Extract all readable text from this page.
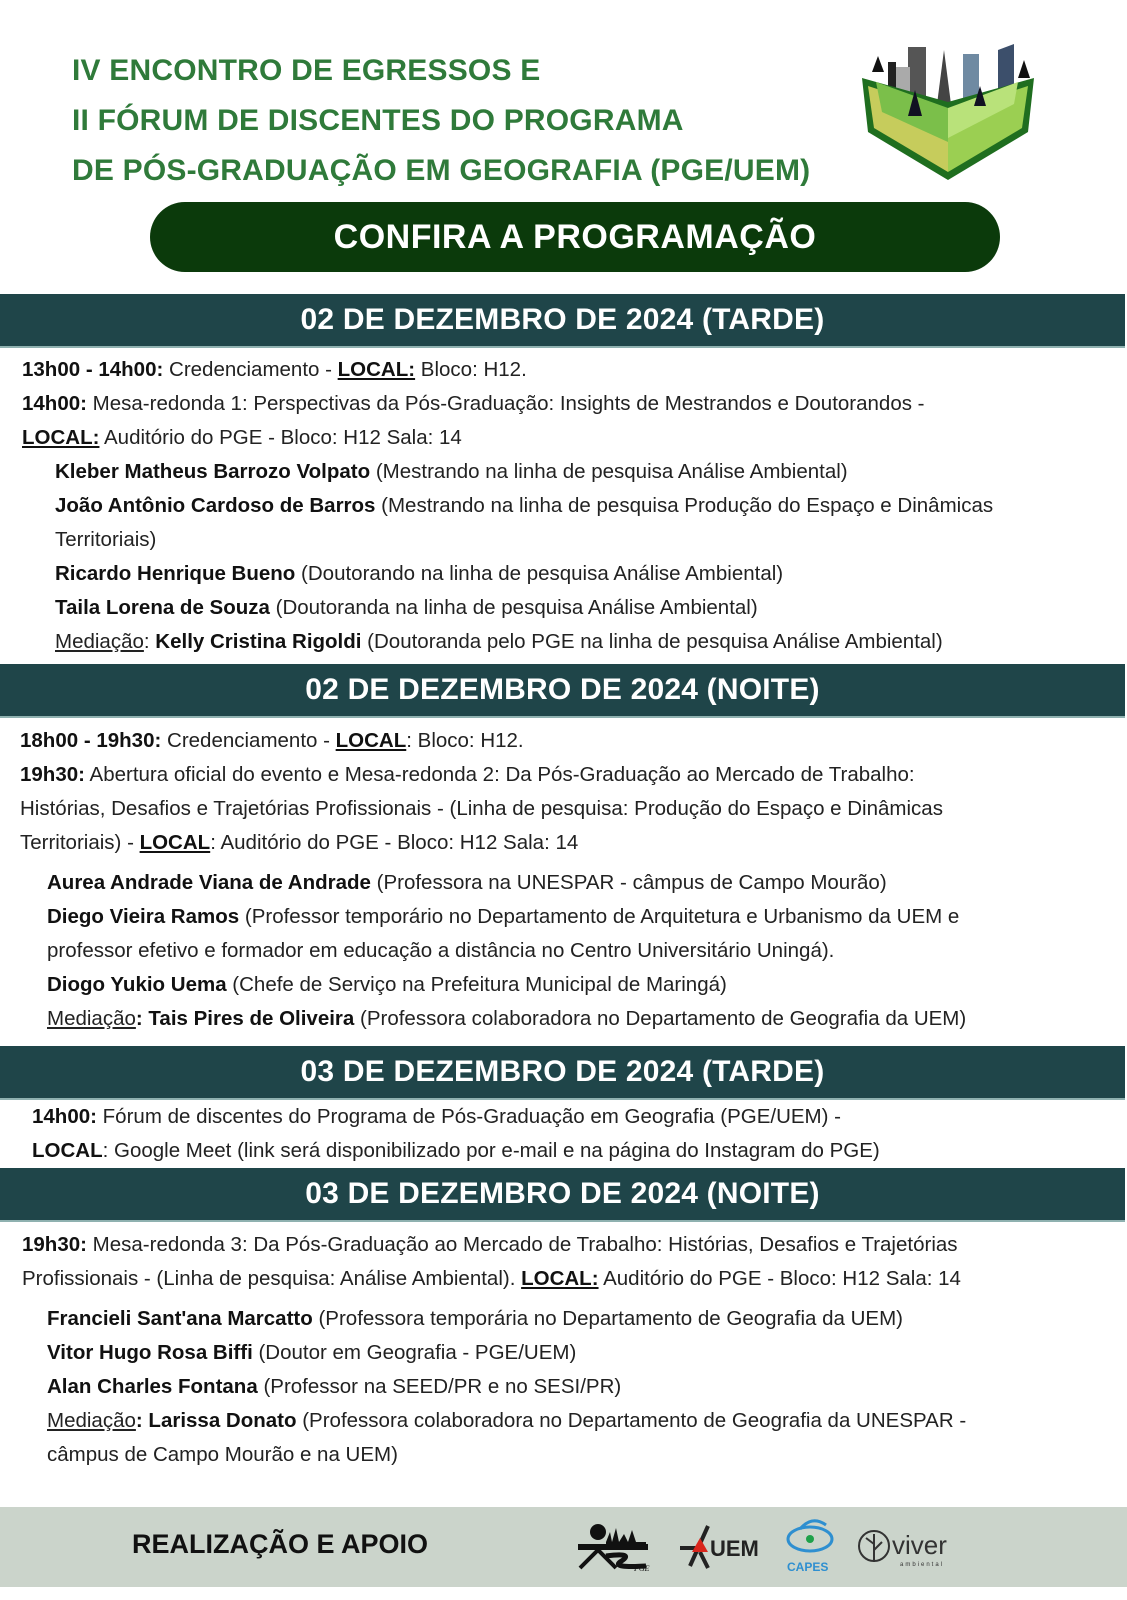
IV ENCONTRO DE EGRESSOS E
II FÓRUM DE DISCENTES DO PROGRAMA
DE PÓS-GRADUAÇÃO EM GEOGRAFIA (PGE/UEM)
CONFIRA A PROGRAMAÇÃO
02 DE DEZEMBRO DE 2024 (TARDE)
13h00 - 14h00: Credenciamento - LOCAL: Bloco: H12.
14h00: Mesa-redonda 1: Perspectivas da Pós-Graduação: Insights de Mestrandos e Doutorandos -
LOCAL: Auditório do PGE - Bloco: H12 Sala: 14
Kleber Matheus Barrozo Volpato (Mestrando na linha de pesquisa Análise Ambiental)
João Antônio Cardoso de Barros (Mestrando na linha de pesquisa Produção do Espaço e Dinâmicas
Territoriais)
Ricardo Henrique Bueno (Doutorando na linha de pesquisa Análise Ambiental)
Taila Lorena de Souza (Doutoranda na linha de pesquisa Análise Ambiental)
Mediação: Kelly Cristina Rigoldi (Doutoranda pelo PGE na linha de pesquisa Análise Ambiental)
02 DE DEZEMBRO DE 2024 (NOITE)
18h00 - 19h30: Credenciamento - LOCAL: Bloco: H12.
19h30: Abertura oficial do evento e Mesa-redonda 2: Da Pós-Graduação ao Mercado de Trabalho:
Histórias, Desafios e Trajetórias Profissionais - (Linha de pesquisa: Produção do Espaço e Dinâmicas
Territoriais) - LOCAL: Auditório do PGE - Bloco: H12 Sala: 14
Aurea Andrade Viana de Andrade (Professora na UNESPAR - câmpus de Campo Mourão)
Diego Vieira Ramos (Professor temporário no Departamento de Arquitetura e Urbanismo da UEM e
professor efetivo e formador em educação a distância no Centro Universitário Uningá).
Diogo Yukio Uema (Chefe de Serviço na Prefeitura Municipal de Maringá)
Mediação: Tais Pires de Oliveira (Professora colaboradora no Departamento de Geografia da UEM)
03 DE DEZEMBRO DE 2024 (TARDE)
14h00: Fórum de discentes do Programa de Pós-Graduação em Geografia (PGE/UEM) -
LOCAL: Google Meet (link será disponibilizado por e-mail e na página do Instagram do PGE)
03 DE DEZEMBRO DE 2024 (NOITE)
19h30: Mesa-redonda 3: Da Pós-Graduação ao Mercado de Trabalho: Histórias, Desafios e Trajetórias
Profissionais - (Linha de pesquisa: Análise Ambiental). LOCAL: Auditório do PGE - Bloco: H12 Sala: 14
Francieli Sant'ana Marcatto (Professora temporária no Departamento de Geografia da UEM)
Vitor Hugo Rosa Biffi (Doutor em Geografia - PGE/UEM)
Alan Charles Fontana (Professor na SEED/PR e no SESI/PR)
Mediação: Larissa Donato (Professora colaboradora no Departamento de Geografia da UNESPAR -
câmpus de Campo Mourão e na UEM)
REALIZAÇÃO E APOIO
PGE
UEM
CAPES
viver
ambiental
